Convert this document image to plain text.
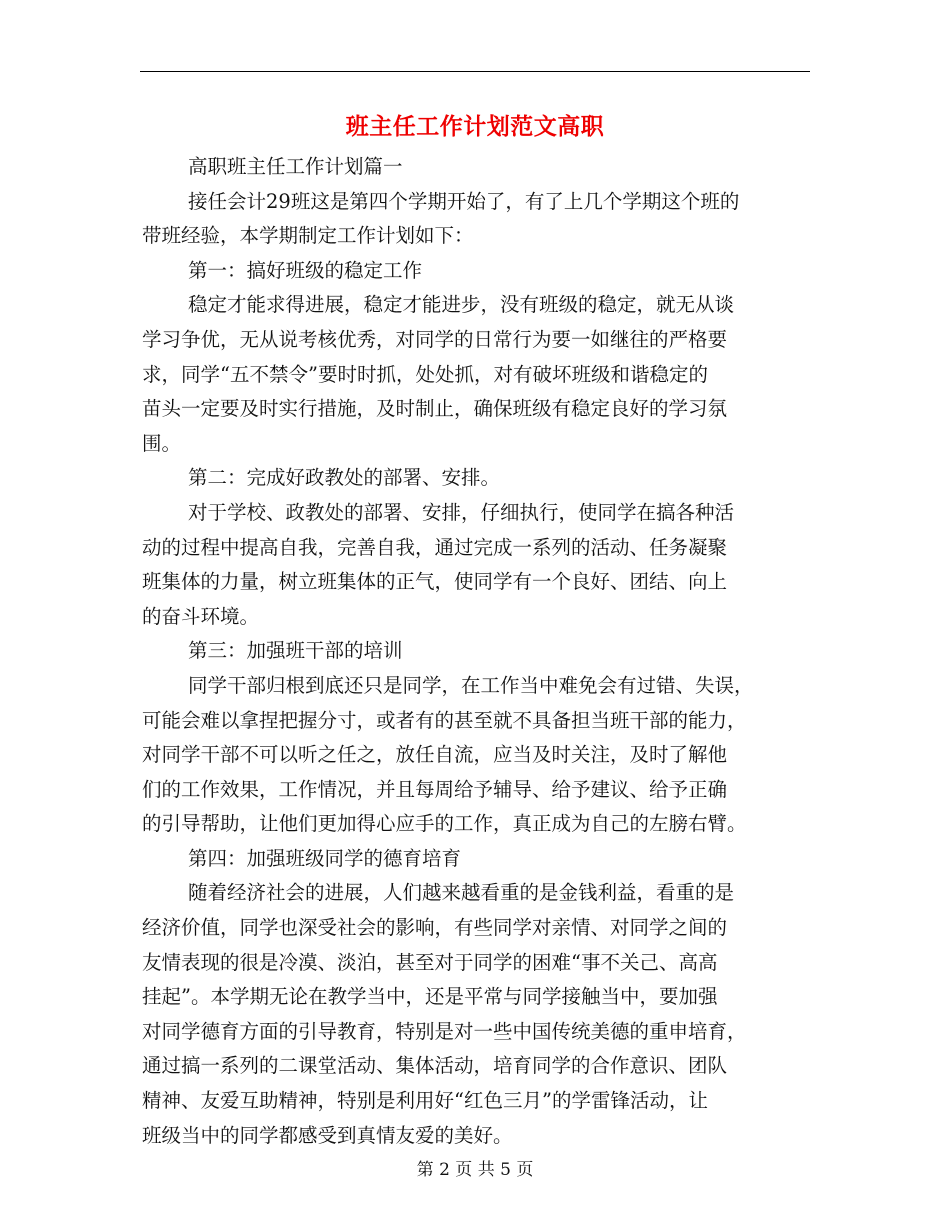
班主任工作计划范文高职
高职班主任工作计划篇一
接任会计29班这是第四个学期开始了，有了上几个学期这个班的
带班经验，本学期制定工作计划如下：
第一：搞好班级的稳定工作
稳定才能求得进展，稳定才能进步，没有班级的稳定，就无从谈
学习争优，无从说考核优秀，对同学的日常行为要一如继往的严格要
求，同学“五不禁令”要时时抓，处处抓，对有破坏班级和谐稳定的
苗头一定要及时实行措施，及时制止，确保班级有稳定良好的学习氛
围。
第二：完成好政教处的部署、安排。
对于学校、政教处的部署、安排，仔细执行，使同学在搞各种活
动的过程中提高自我，完善自我，通过完成一系列的活动、任务凝聚
班集体的力量，树立班集体的正气，使同学有一个良好、团结、向上
的奋斗环境。
第三：加强班干部的培训
同学干部归根到底还只是同学，在工作当中难免会有过错、失误，
可能会难以拿捏把握分寸，或者有的甚至就不具备担当班干部的能力，
对同学干部不可以听之任之，放任自流，应当及时关注，及时了解他
们的工作效果，工作情况，并且每周给予辅导、给予建议、给予正确
的引导帮助，让他们更加得心应手的工作，真正成为自己的左膀右臂。
第四：加强班级同学的德育培育
随着经济社会的进展，人们越来越看重的是金钱利益，看重的是
经济价值，同学也深受社会的影响，有些同学对亲情、对同学之间的
友情表现的很是冷漠、淡泊，甚至对于同学的困难“事不关己、高高
挂起”。本学期无论在教学当中，还是平常与同学接触当中，要加强
对同学德育方面的引导教育，特别是对一些中国传统美德的重申培育，
通过搞一系列的二课堂活动、集体活动，培育同学的合作意识、团队
精神、友爱互助精神，特别是利用好“红色三月”的学雷锋活动，让
班级当中的同学都感受到真情友爱的美好。
第 2 页 共 5 页
